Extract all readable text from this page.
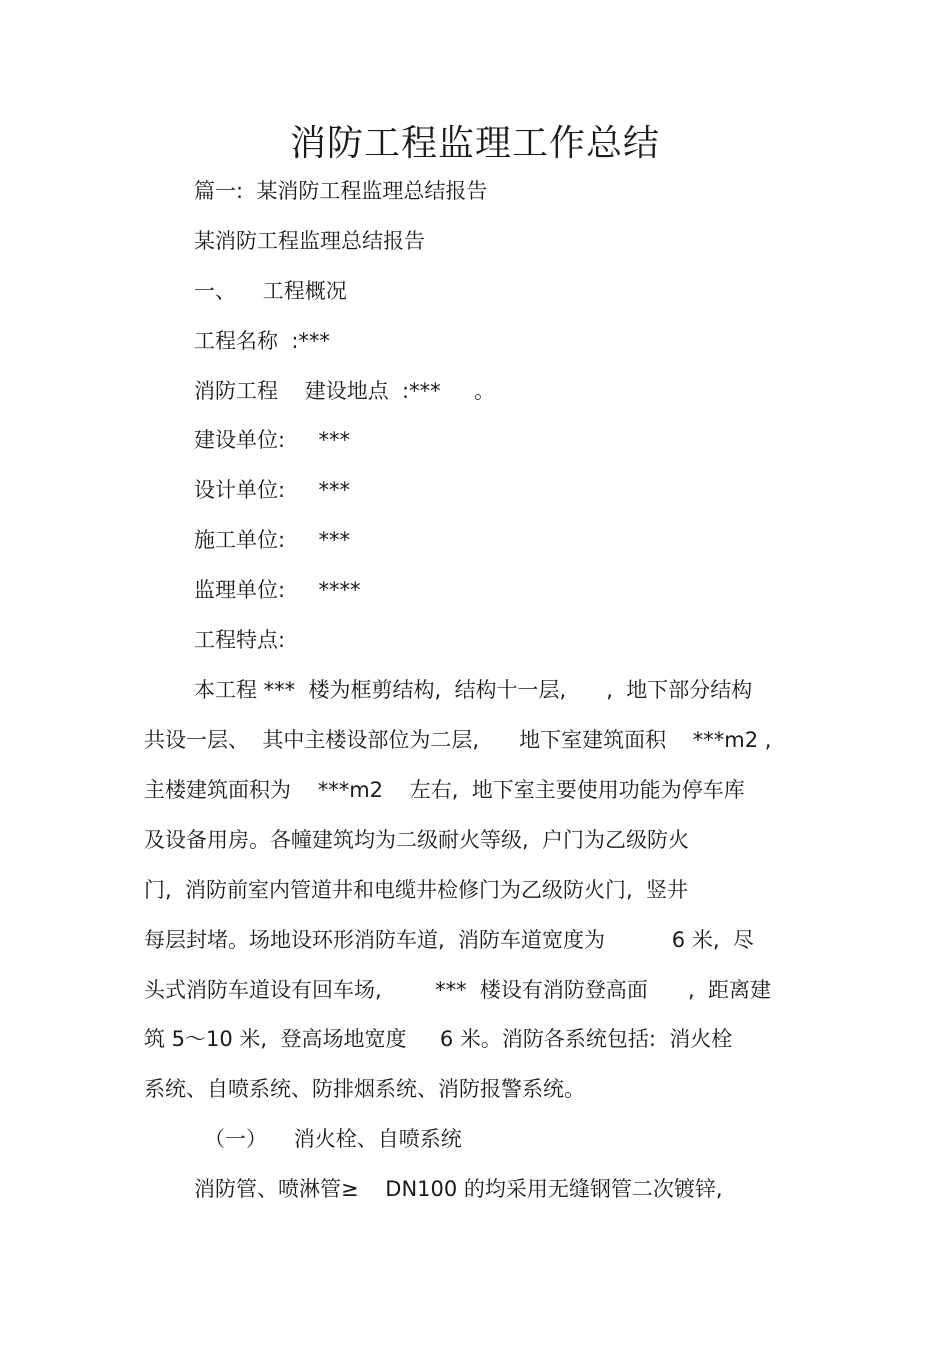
消防工程监理工作总结
篇一:  某消防工程监理总结报告
某消防工程监理总结报告
一、    工程概况
工程名称  :***
消防工程    建设地点  :***     。
建设单位:     ***
设计单位:     ***
施工单位:     ***
监理单位:     ****
工程特点:
本工程 ***  楼为框剪结构,  结构十一层,      ,  地下部分结构
共设一层、  其中主楼设部位为二层,      地下室建筑面积    ***m2 ,
主楼建筑面积为    ***m2    左右,  地下室主要使用功能为停车库
及设备用房。各幢建筑均为二级耐火等级,  户门为乙级防火
门,  消防前室内管道井和电缆井检修门为乙级防火门,  竖井
每层封堵。场地设环形消防车道,  消防车道宽度为          6 米,  尽
头式消防车道设有回车场,        ***  楼设有消防登高面      ,  距离建
筑 5～10 米,  登高场地宽度     6 米。消防各系统包括:  消火栓
系统、自喷系统、防排烟系统、消防报警系统。
（一）    消火栓、自喷系统
消防管、喷淋管≥    DN100 的均采用无缝钢管二次镀锌,
